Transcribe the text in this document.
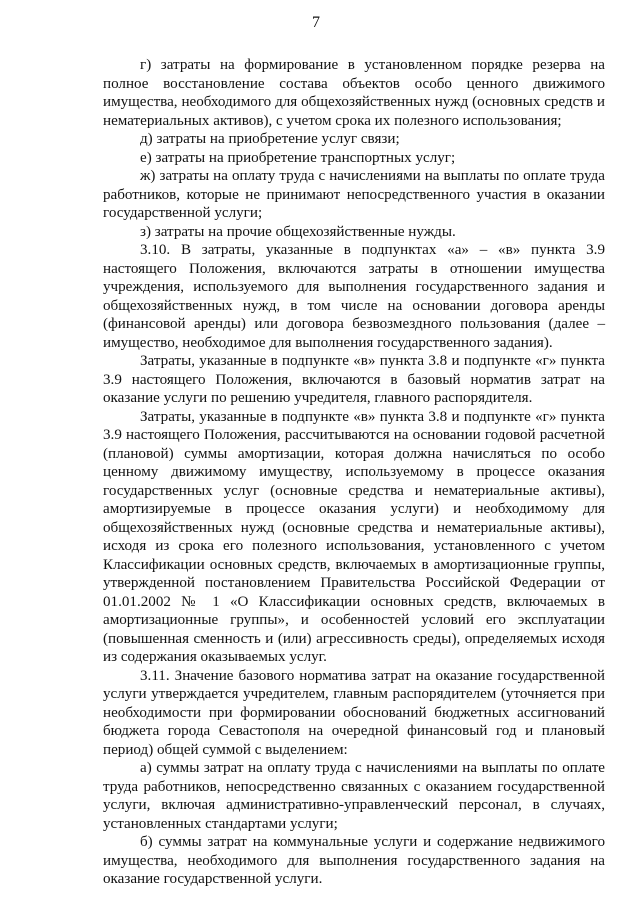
7

г) затраты на формирование в установленном порядке резерва на полное восстановление состава объектов особо ценного движимого имущества, необходимого для общехозяйственных нужд (основных средств и нематериальных активов), с учетом срока их полезного использования;

д) затраты на приобретение услуг связи;

е) затраты на приобретение транспортных услуг;

ж) затраты на оплату труда с начислениями на выплаты по оплате труда работников, которые не принимают непосредственного участия в оказании государственной услуги;

з) затраты на прочие общехозяйственные нужды.

3.10. В затраты, указанные в подпунктах «а» – «в» пункта 3.9 настоящего Положения, включаются затраты в отношении имущества учреждения, используемого для выполнения государственного задания и общехозяйственных нужд, в том числе на основании договора аренды (финансовой аренды) или договора безвозмездного пользования (далее – имущество, необходимое для выполнения государственного задания).

Затраты, указанные в подпункте «в» пункта 3.8 и подпункте «г» пункта 3.9 настоящего Положения, включаются в базовый норматив затрат на оказание услуги по решению учредителя, главного распорядителя.

Затраты, указанные в подпункте «в» пункта 3.8 и подпункте «г» пункта 3.9 настоящего Положения, рассчитываются на основании годовой расчетной (плановой) суммы амортизации, которая должна начисляться по особо ценному движимому имуществу, используемому в процессе оказания государственных услуг (основные средства и нематериальные активы), амортизируемые в процессе оказания услуги) и необходимому для общехозяйственных нужд (основные средства и нематериальные активы), исходя из срока его полезного использования, установленного с учетом Классификации основных средств, включаемых в амортизационные группы, утвержденной постановлением Правительства Российской Федерации от 01.01.2002 № 1 «О Классификации основных средств, включаемых в амортизационные группы», и особенностей условий его эксплуатации (повышенная сменность и (или) агрессивность среды), определяемых исходя из содержания оказываемых услуг.

3.11. Значение базового норматива затрат на оказание государственной услуги утверждается учредителем, главным распорядителем (уточняется при необходимости при формировании обоснований бюджетных ассигнований бюджета города Севастополя на очередной финансовый год и плановый период) общей суммой с выделением:

а) суммы затрат на оплату труда с начислениями на выплаты по оплате труда работников, непосредственно связанных с оказанием государственной услуги, включая административно-управленческий персонал, в случаях, установленных стандартами услуги;

б) суммы затрат на коммунальные услуги и содержание недвижимого имущества, необходимого для выполнения государственного задания на оказание государственной услуги.
